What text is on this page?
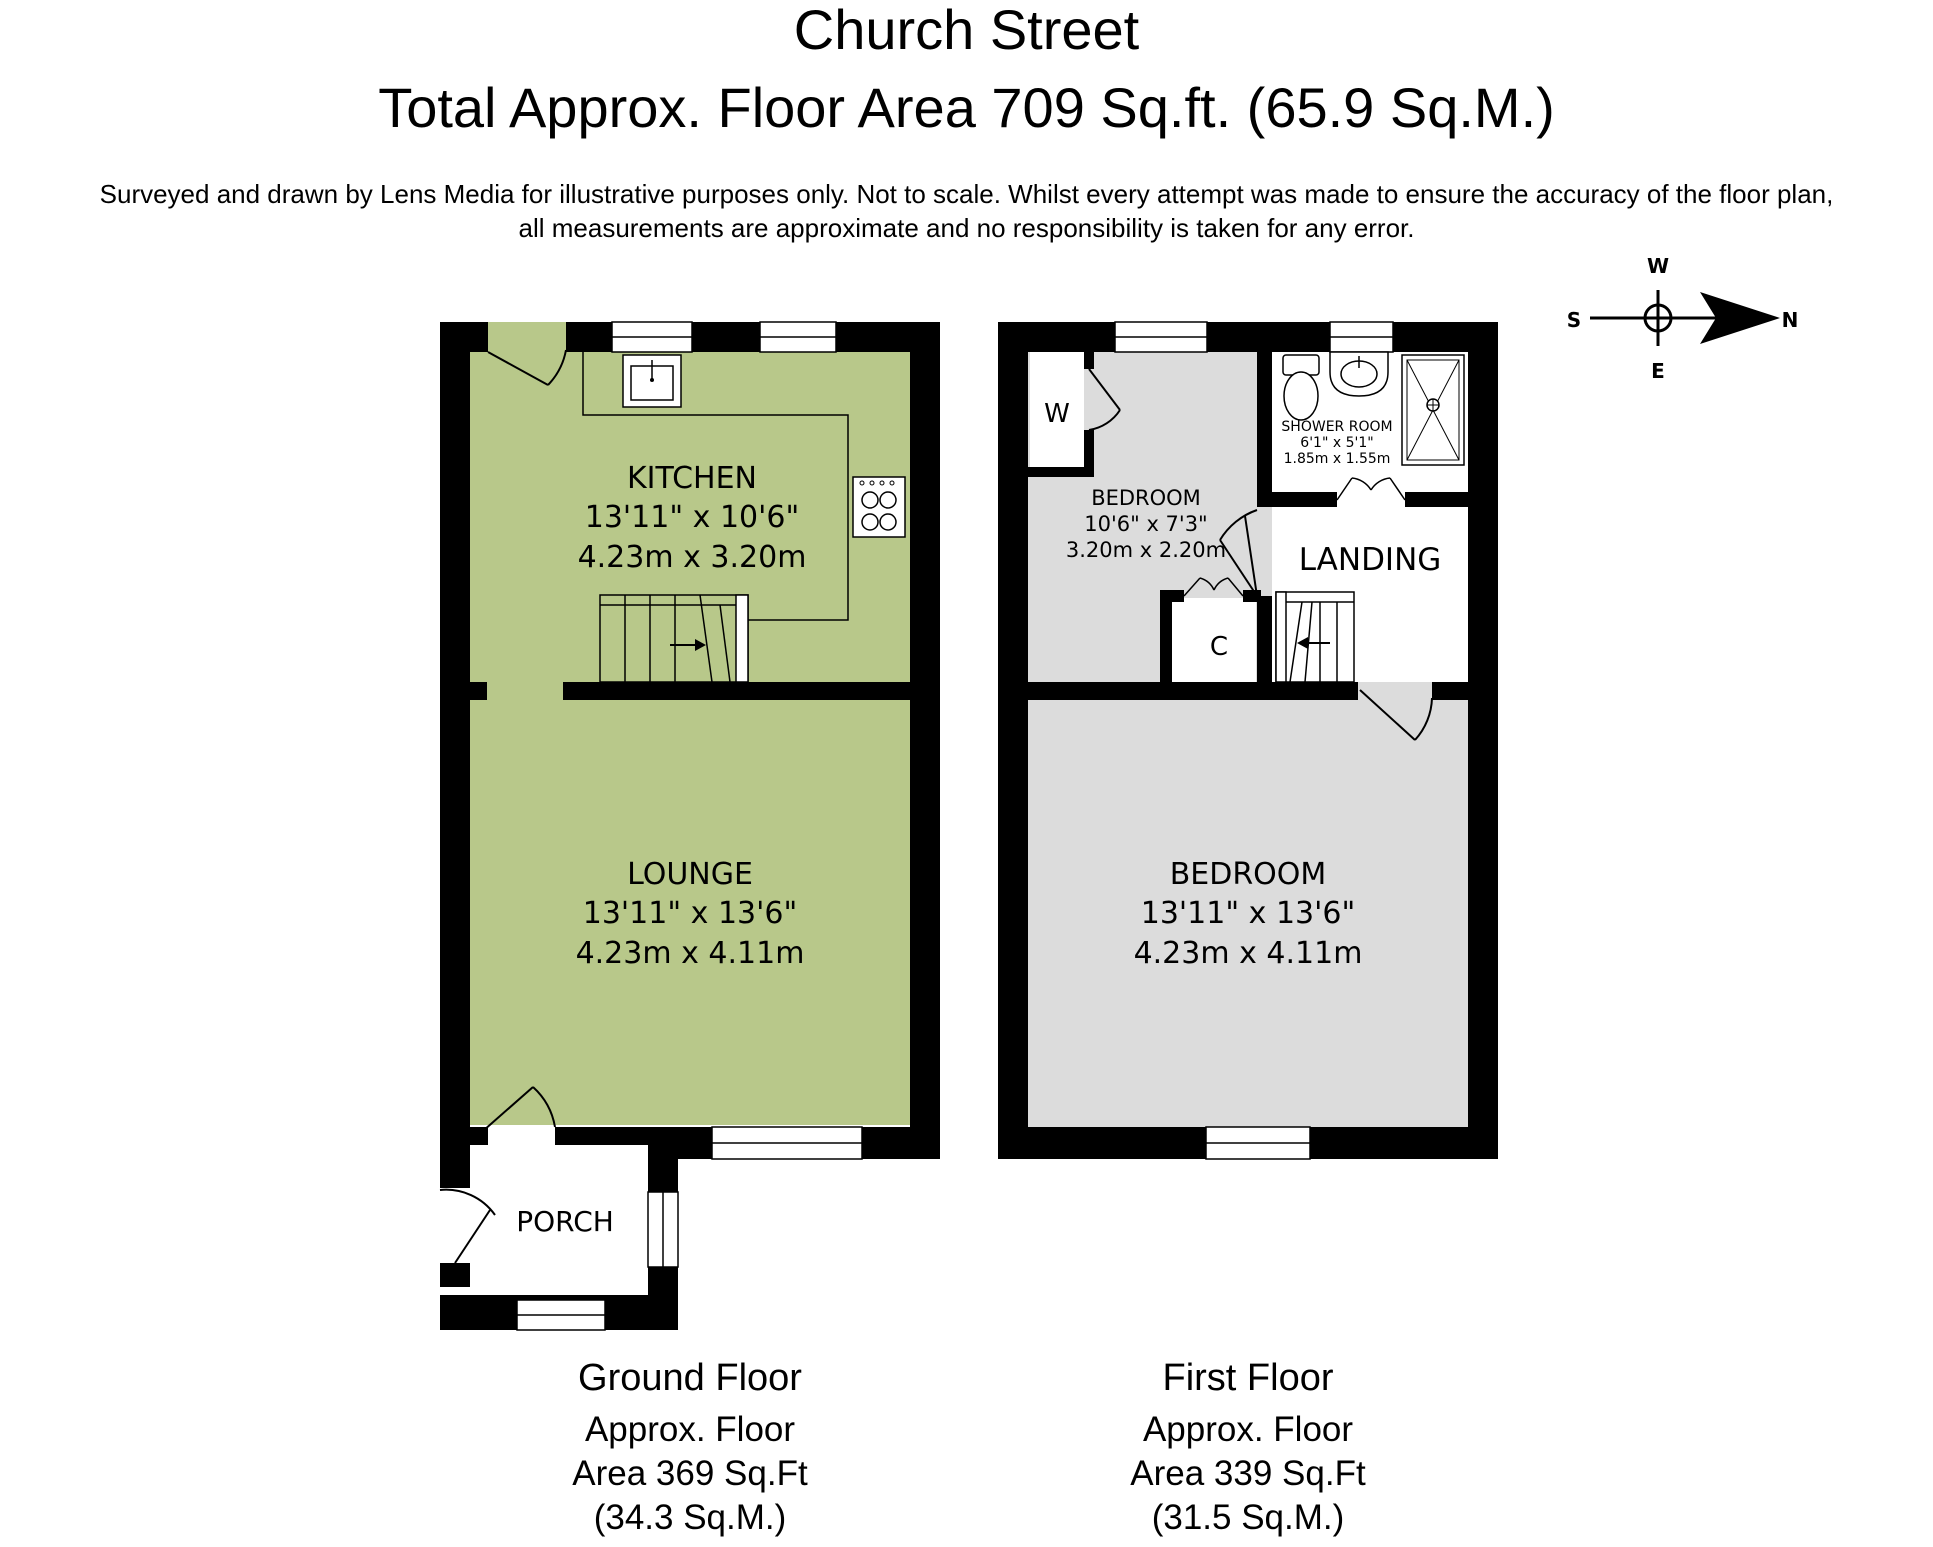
Church Street
Total Approx. Floor Area 709 Sq.ft. (65.9 Sq.M.)
Surveyed and drawn by Lens Media for illustrative purposes only. Not to scale. Whilst every attempt was made to ensure the accuracy of the floor plan,
all measurements are approximate and no responsibility is taken for any error.
W
E
S	N
KITCHEN
13'11" x 10'6"
4.23m x 3.20m
LOUNGE
13'11" x 13'6"
4.23m x 4.11m
PORCH
W
C
BEDROOM
10'6" x 7'3"
3.20m x 2.20m
SHOWER ROOM
6'1" x 5'1"
1.85m x 1.55m
LANDING
BEDROOM
13'11" x 13'6"
4.23m x 4.11m
Ground Floor
Approx. Floor
Area 369 Sq.Ft
(34.3 Sq.M.)
First Floor
Approx. Floor
Area 339 Sq.Ft
(31.5 Sq.M.)
